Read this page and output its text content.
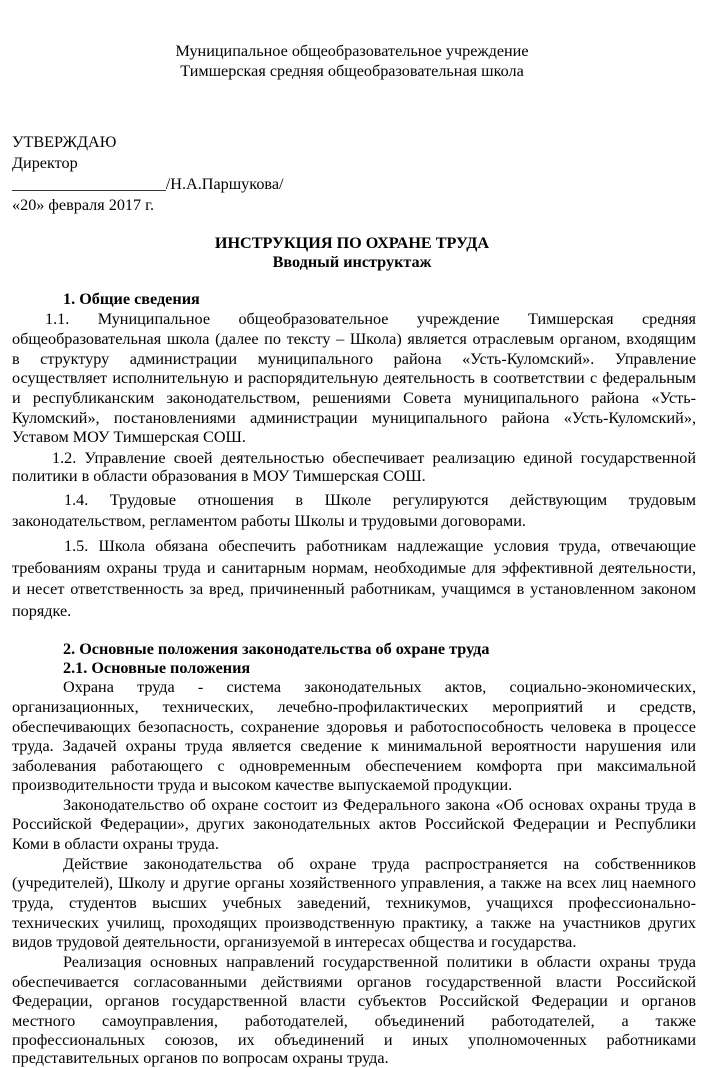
Муниципальное общеобразовательное учреждение
Тимшерская средняя общеобразовательная школа
УТВЕРЖДАЮ
Директор
___________________/Н.А.Паршукова/
«20» февраля 2017 г.
ИНСТРУКЦИЯ ПО ОХРАНЕ ТРУДА
Вводный инструктаж
1. Общие сведения
1.1. Муниципальное общеобразовательное учреждение Тимшерская средняя
общеобразовательная школа (далее по тексту – Школа) является отраслевым органом, входящим
в структуру администрации муниципального района «Усть-Куломский». Управление
осуществляет исполнительную и распорядительную деятельность в соответствии с федеральным
и республиканским законодательством, решениями Совета муниципального района «Усть-
Куломский», постановлениями администрации муниципального района «Усть-Куломский»,
Уставом МОУ Тимшерская СОШ.
1.2. Управление своей деятельностью обеспечивает реализацию единой государственной
политики в области образования в МОУ Тимшерская СОШ.
1.4. Трудовые отношения в Школе регулируются действующим трудовым
законодательством, регламентом работы Школы и трудовыми договорами.
1.5. Школа обязана обеспечить работникам надлежащие условия труда, отвечающие
требованиям охраны труда и санитарным нормам, необходимые для эффективной деятельности,
и несет ответственность за вред, причиненный работникам, учащимся в установленном законом
порядке.
2. Основные положения законодательства об охране труда
2.1. Основные положения
Охрана труда - система законодательных актов, социально-экономических,
организационных, технических, лечебно-профилактических мероприятий и средств,
обеспечивающих безопасность, сохранение здоровья и работоспособность человека в процессе
труда. Задачей охраны труда является сведение к минимальной вероятности нарушения или
заболевания работающего с одновременным обеспечением комфорта при максимальной
производительности труда и высоком качестве выпускаемой продукции.
Законодательство об охране состоит из Федерального закона «Об основах охраны труда в
Российской Федерации», других законодательных актов Российской Федерации и Республики
Коми в области охраны труда.
Действие законодательства об охране труда распространяется на собственников
(учредителей), Школу и другие органы хозяйственного управления, а также на всех лиц наемного
труда, студентов высших учебных заведений, техникумов, учащихся профессионально-
технических училищ, проходящих производственную практику, а также на участников других
видов трудовой деятельности, организуемой в интересах общества и государства.
Реализация основных направлений государственной политики в области охраны труда
обеспечивается согласованными действиями органов государственной власти Российской
Федерации, органов государственной власти субъектов Российской Федерации и органов
местного самоуправления, работодателей, объединений работодателей, а также
профессиональных союзов, их объединений и иных уполномоченных работниками
представительных органов по вопросам охраны труда.
